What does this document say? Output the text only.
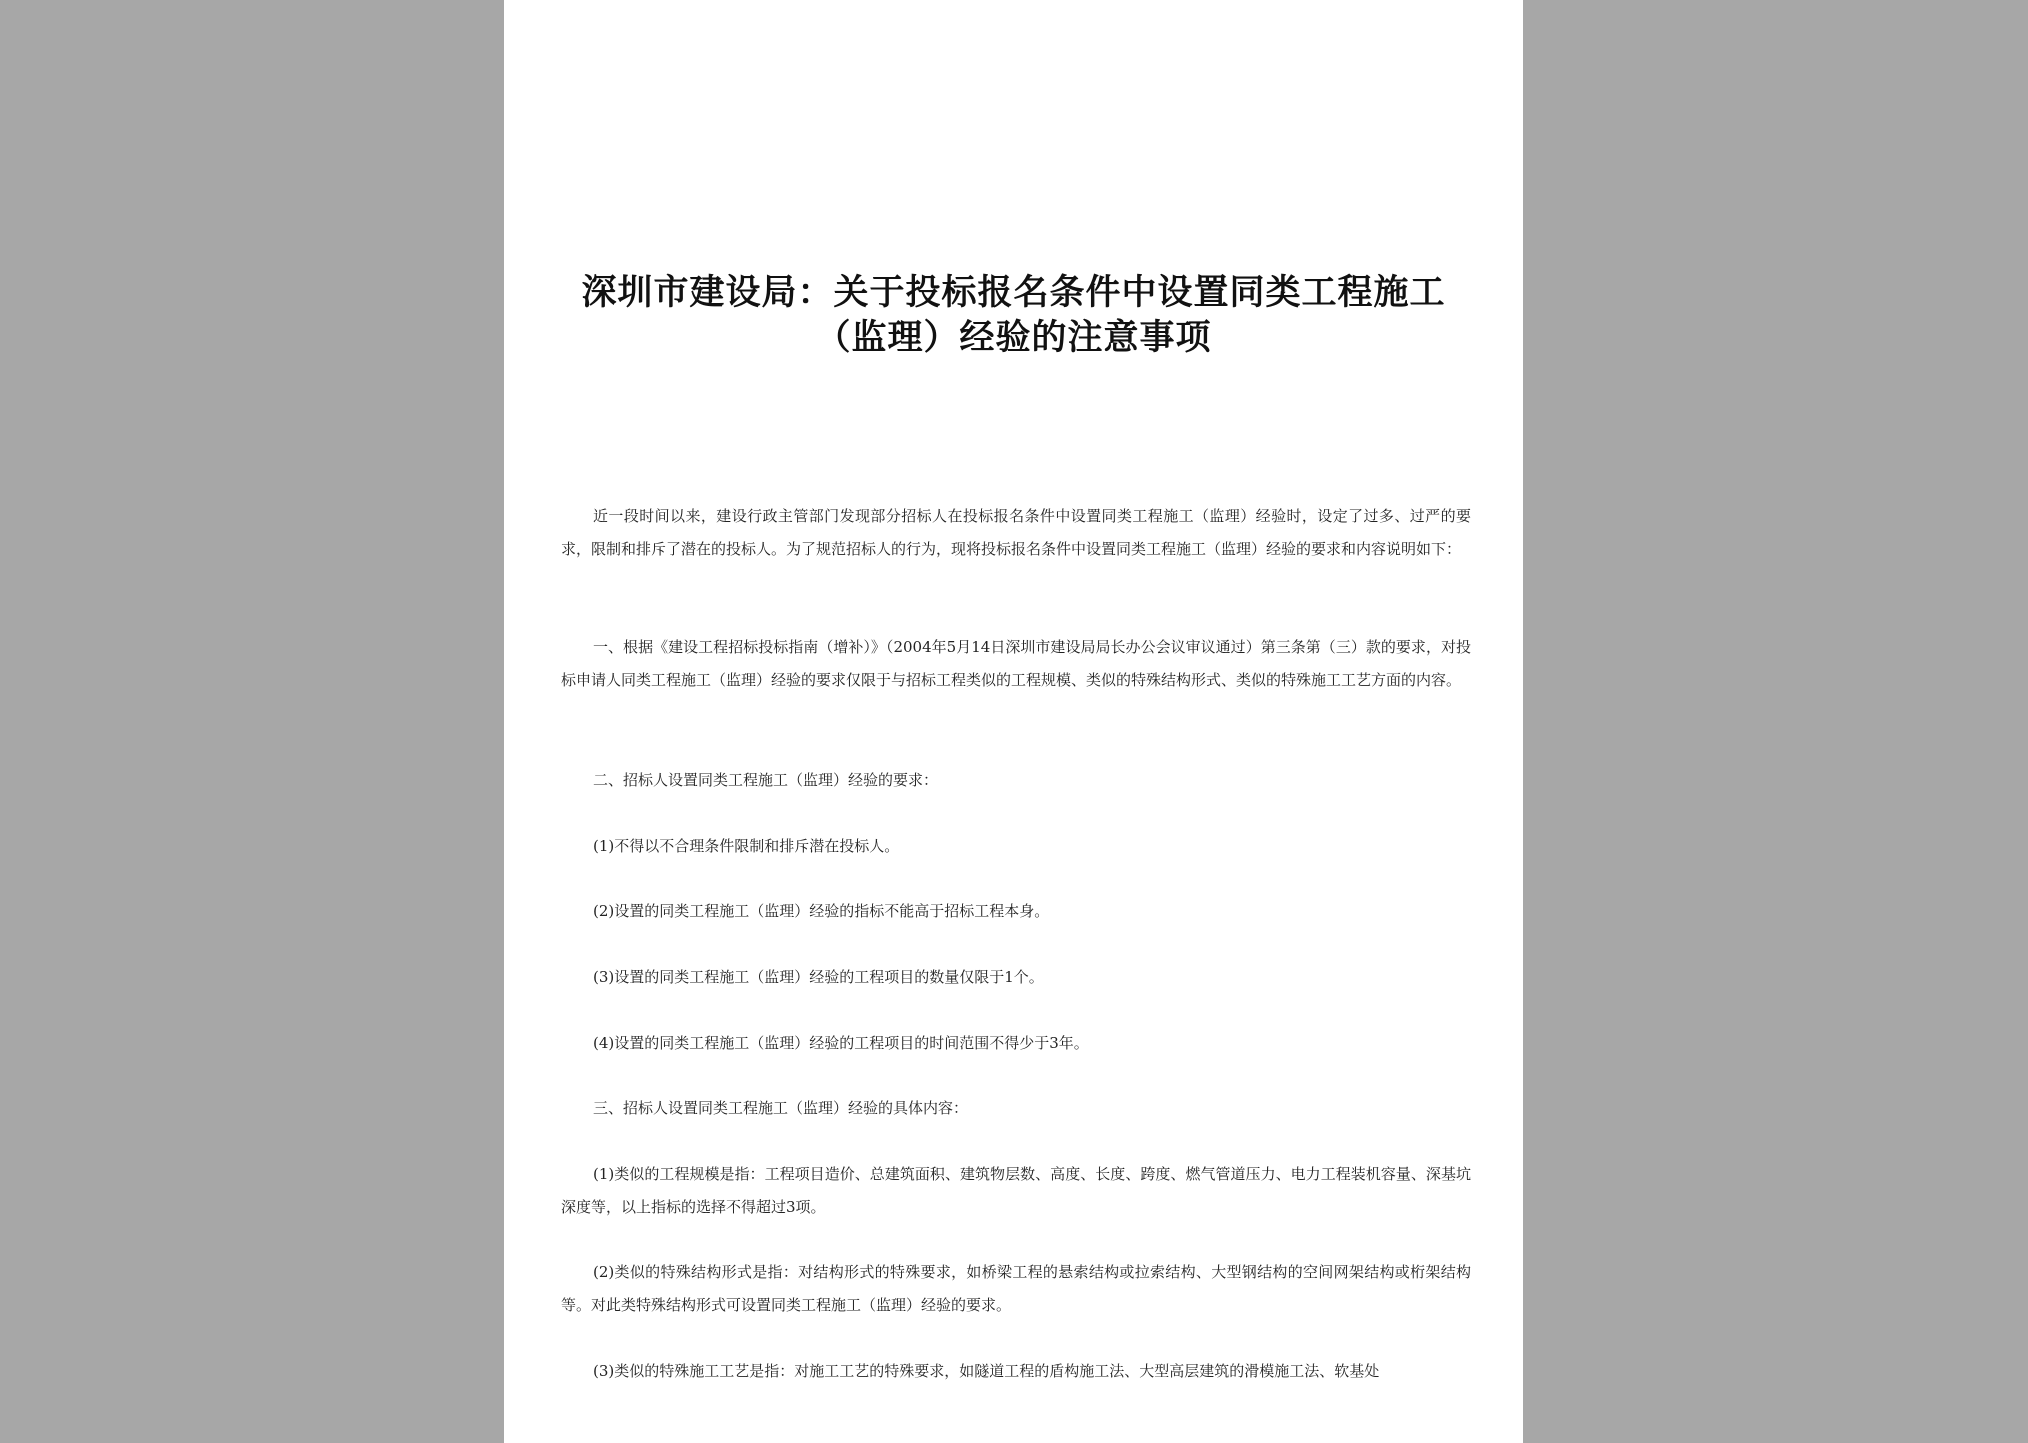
深圳市建设局：关于投标报名条件中设置同类工程施工
（监理）经验的注意事项

近一段时间以来，建设行政主管部门发现部分招标人在投标报名条件中设置同类工程施工（监理）经验时，设定了过多、过严的要求，限制和排斥了潜在的投标人。为了规范招标人的行为，现将投标报名条件中设置同类工程施工（监理）经验的要求和内容说明如下：

一、根据《建设工程招标投标指南（增补）》（2004年5月14日深圳市建设局局长办公会议审议通过）第三条第（三）款的要求，对投标申请人同类工程施工（监理）经验的要求仅限于与招标工程类似的工程规模、类似的特殊结构形式、类似的特殊施工工艺方面的内容。

二、招标人设置同类工程施工（监理）经验的要求：

(1)不得以不合理条件限制和排斥潜在投标人。

(2)设置的同类工程施工（监理）经验的指标不能高于招标工程本身。

(3)设置的同类工程施工（监理）经验的工程项目的数量仅限于1个。

(4)设置的同类工程施工（监理）经验的工程项目的时间范围不得少于3年。

三、招标人设置同类工程施工（监理）经验的具体内容：

(1)类似的工程规模是指：工程项目造价、总建筑面积、建筑物层数、高度、长度、跨度、燃气管道压力、电力工程装机容量、深基坑深度等，以上指标的选择不得超过3项。

(2)类似的特殊结构形式是指：对结构形式的特殊要求，如桥梁工程的悬索结构或拉索结构、大型钢结构的空间网架结构或桁架结构等。对此类特殊结构形式可设置同类工程施工（监理）经验的要求。

(3)类似的特殊施工工艺是指：对施工工艺的特殊要求，如隧道工程的盾构施工法、大型高层建筑的滑模施工法、软基处
